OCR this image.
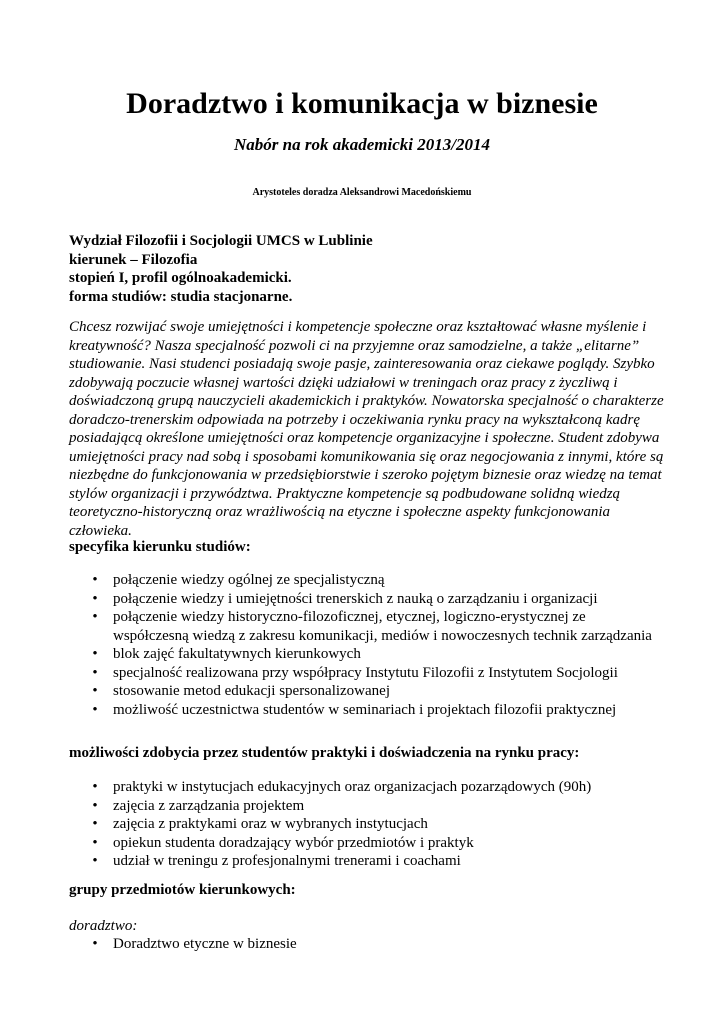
Doradztwo i komunikacja w biznesie
Nabór na rok akademicki 2013/2014
Arystoteles doradza Aleksandrowi Macedońskiemu
Wydział Filozofii i Socjologii UMCS w Lublinie
kierunek – Filozofia
stopień I, profil ogólnoakademicki.
forma studiów: studia stacjonarne.

Chcesz rozwijać swoje umiejętności i kompetencje społeczne oraz kształtować własne myślenie i kreatywność? Nasza specjalność pozwoli ci na przyjemne oraz samodzielne, a także „elitarne” studiowanie. Nasi studenci posiadają swoje pasje, zainteresowania oraz ciekawe poglądy. Szybko zdobywają poczucie własnej wartości dzięki udziałowi w treningach oraz pracy z życzliwą i doświadczoną grupą nauczycieli akademickich i praktyków. Nowatorska specjalność o charakterze doradczo-trenerskim odpowiada na potrzeby i oczekiwania rynku pracy na wykształconą kadrę posiadającą określone umiejętności oraz kompetencje organizacyjne i społeczne. Student zdobywa umiejętności pracy nad sobą i sposobami komunikowania się oraz negocjowania z innymi, które są niezbędne do funkcjonowania w przedsiębiorstwie i szeroko pojętym biznesie oraz wiedzę na temat stylów organizacji i przywództwa. Praktyczne kompetencje są podbudowane solidną wiedzą teoretyczno-historyczną oraz wrażliwością na etyczne i społeczne aspekty funkcjonowania człowieka.

specyfika kierunku studiów:
• połączenie wiedzy ogólnej ze specjalistyczną
• połączenie wiedzy i umiejętności trenerskich z nauką o zarządzaniu i organizacji
• połączenie wiedzy historyczno-filozoficznej, etycznej, logiczno-erystycznej ze współczesną wiedzą z zakresu komunikacji, mediów i nowoczesnych technik zarządzania
• blok zajęć fakultatywnych kierunkowych
• specjalność realizowana przy współpracy Instytutu Filozofii z Instytutem Socjologii
• stosowanie metod edukacji spersonalizowanej
• możliwość uczestnictwa studentów w seminariach i projektach filozofii praktycznej
możliwości zdobycia przez studentów praktyki i doświadczenia na rynku pracy:
• praktyki w instytucjach edukacyjnych oraz organizacjach pozarządowych (90h)
• zajęcia z zarządzania projektem
• zajęcia z praktykami oraz w wybranych instytucjach
• opiekun studenta doradzający wybór przedmiotów i praktyk
• udział w treningu z profesjonalnymi trenerami i coachami
grupy przedmiotów kierunkowych:
doradztwo:
• Doradztwo etyczne w biznesie
